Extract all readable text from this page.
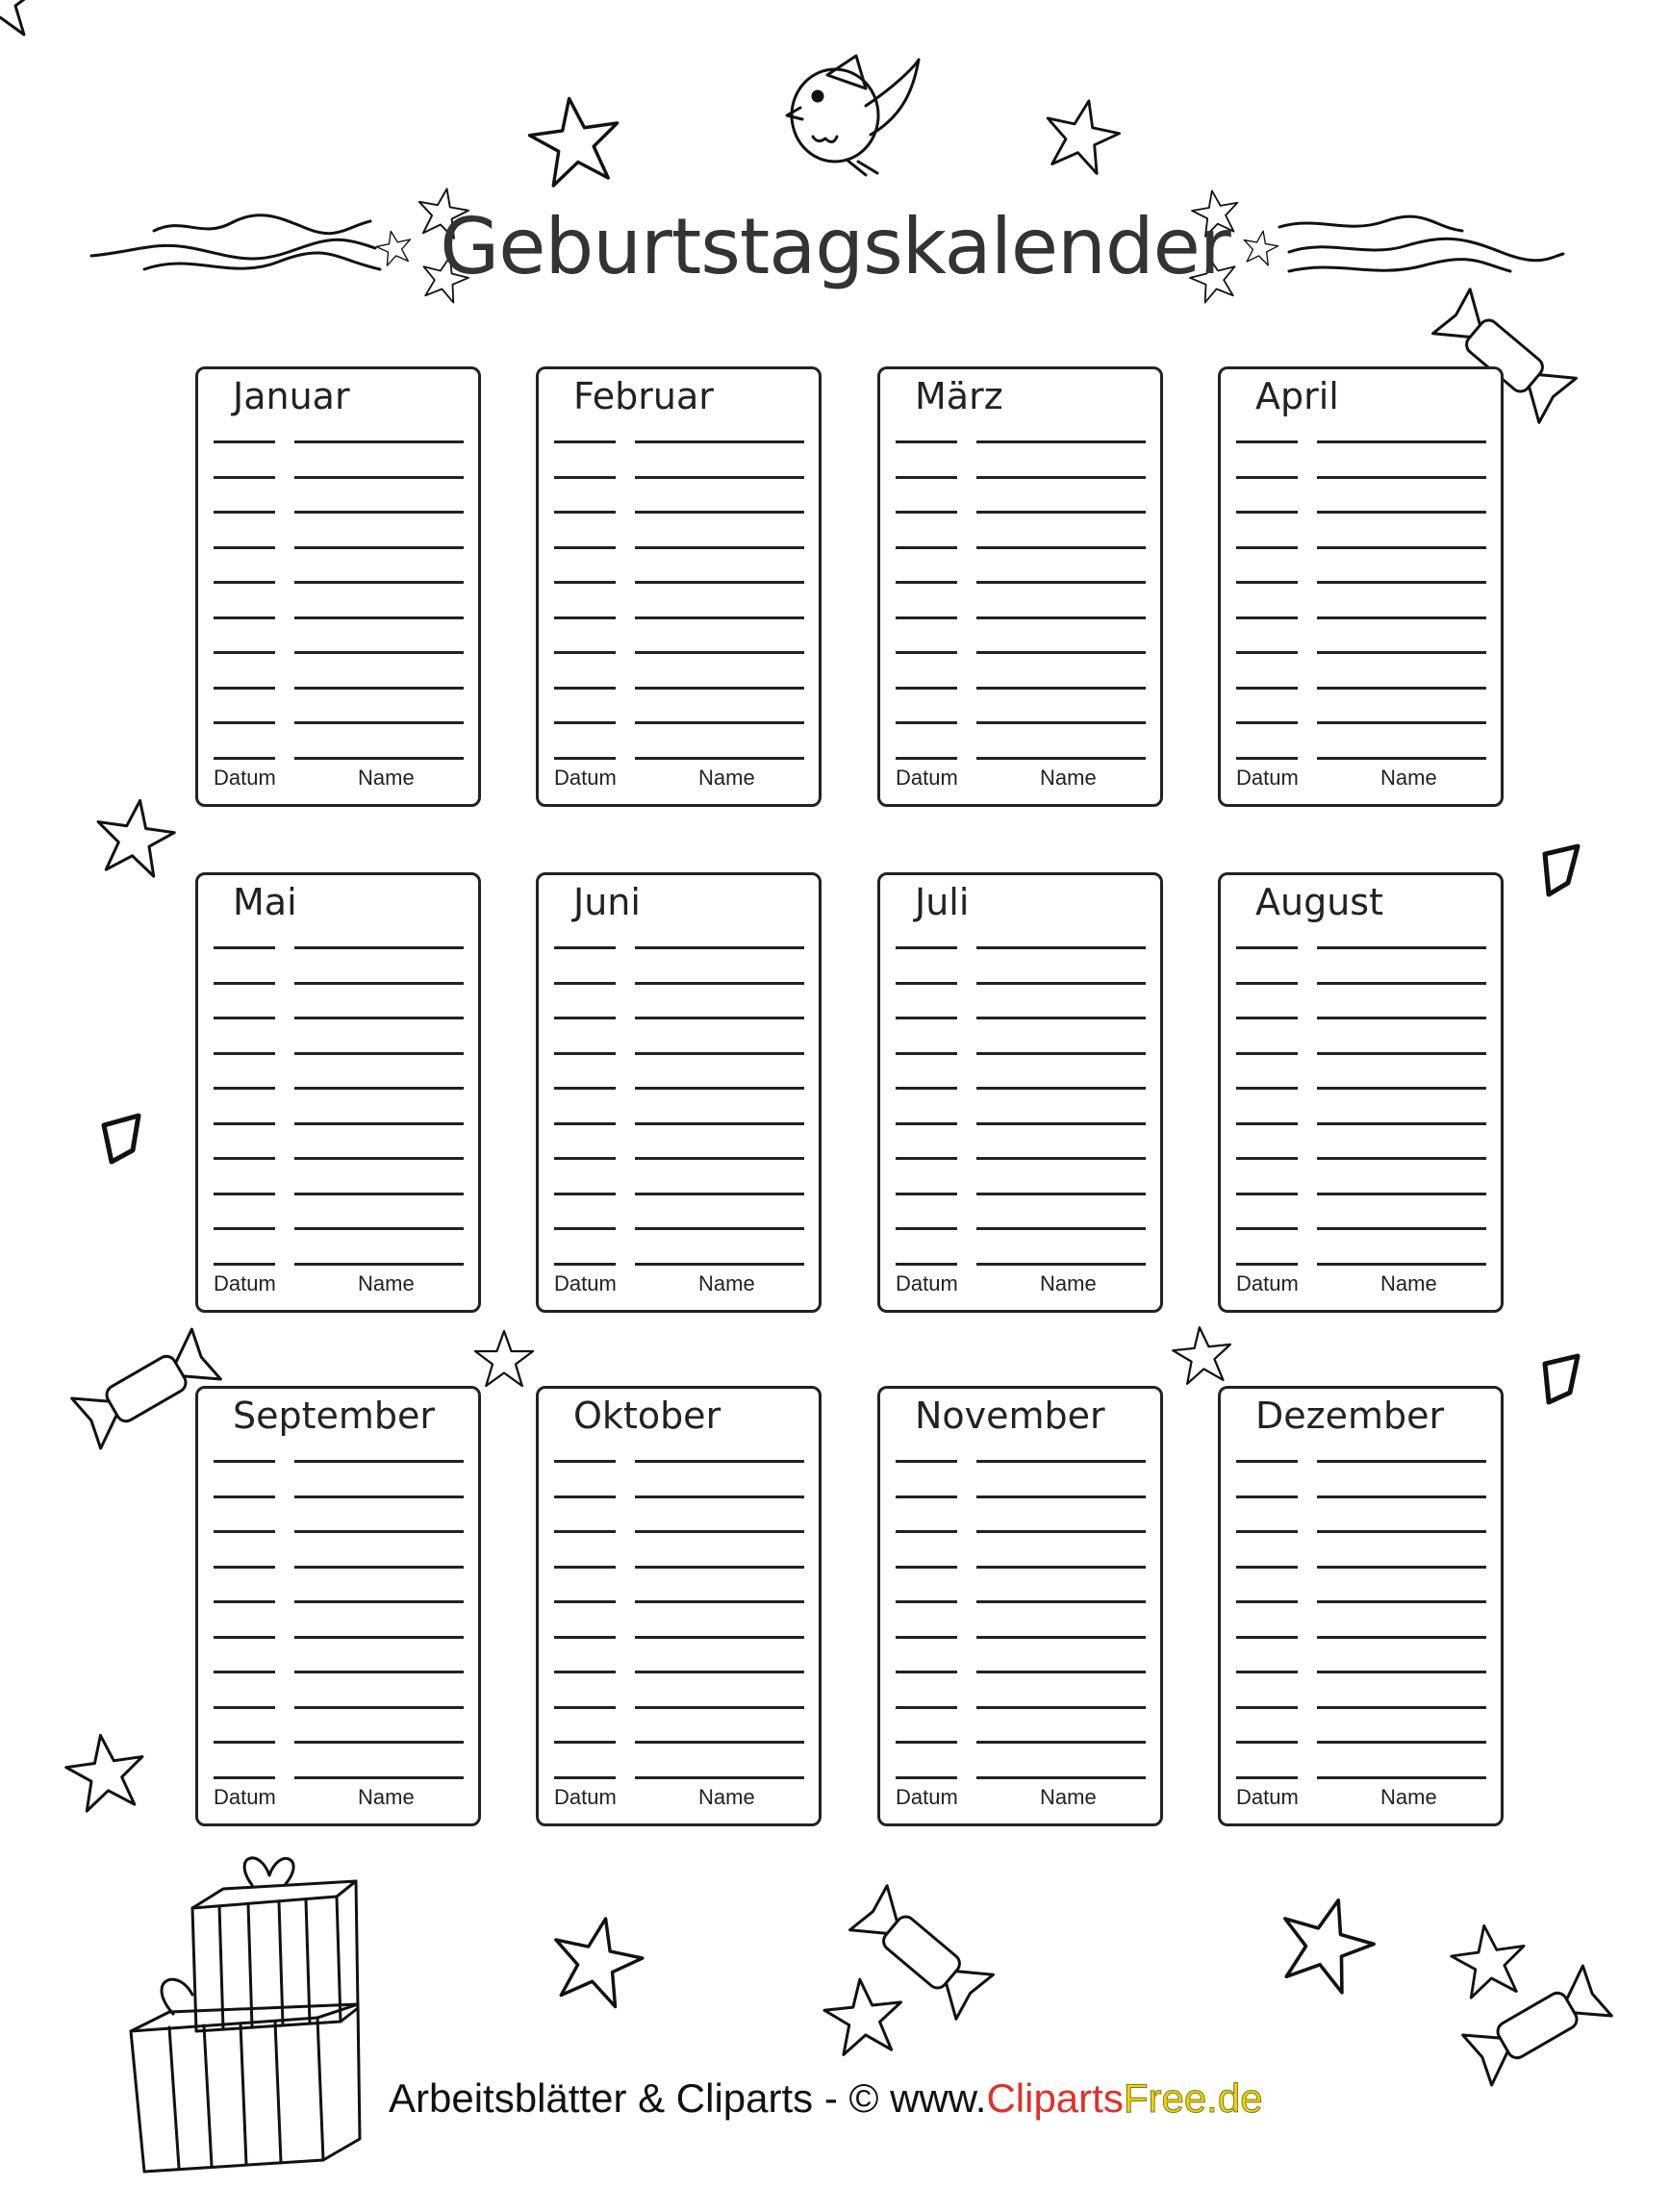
Geburtstagskalender
Januar
Datum	Name
Februar
Datum	Name
März
Datum	Name
April
Datum	Name
Mai
Datum	Name
Juni
Datum	Name
Juli
Datum	Name
August
Datum	Name
September
Datum	Name
Oktober
Datum	Name
November
Datum	Name
Dezember
Datum	Name
Arbeitsblätter & Cliparts - © www.ClipartsFree.de
